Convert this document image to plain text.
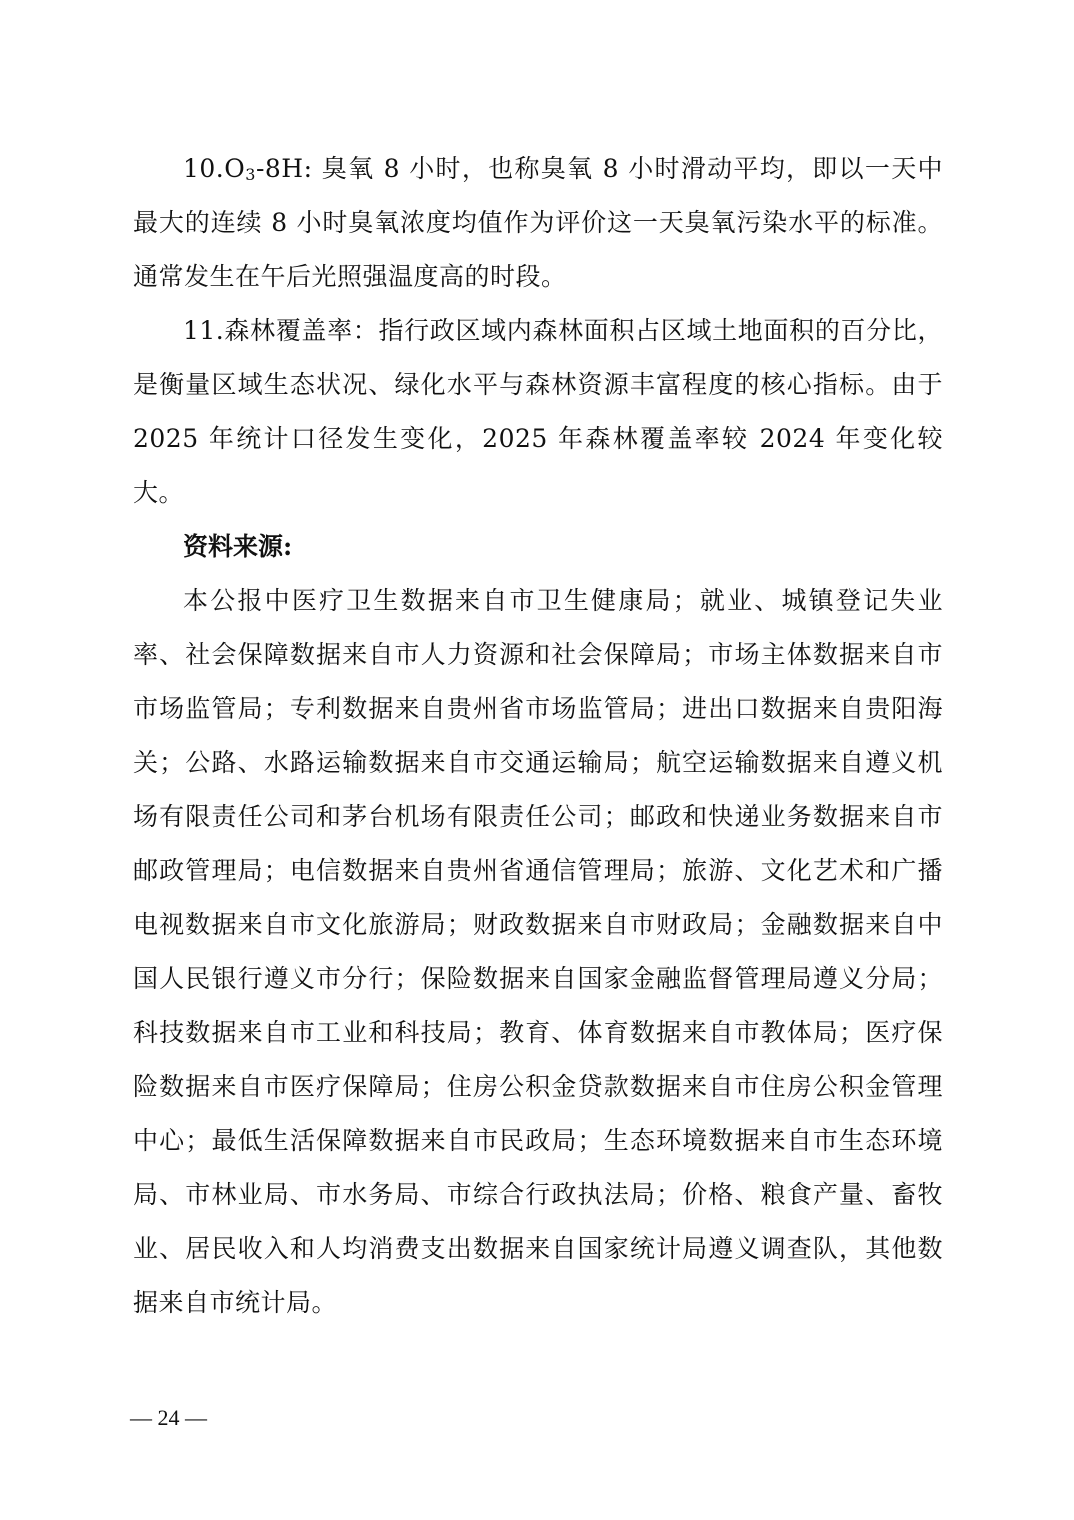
10.O3-8H: 臭氧 8 小时，也称臭氧 8 小时滑动平均，即以一天中最大的连续 8 小时臭氧浓度均值作为评价这一天臭氧污染水平的标准。通常发生在午后光照强温度高的时段。

11.森林覆盖率：指行政区域内森林面积占区域土地面积的百分比，是衡量区域生态状况、绿化水平与森林资源丰富程度的核心指标。由于 2025 年统计口径发生变化，2025 年森林覆盖率较 2024 年变化较大。

资料来源:

本公报中医疗卫生数据来自市卫生健康局；就业、城镇登记失业率、社会保障数据来自市人力资源和社会保障局；市场主体数据来自市市场监管局；专利数据来自贵州省市场监管局；进出口数据来自贵阳海关；公路、水路运输数据来自市交通运输局；航空运输数据来自遵义机场有限责任公司和茅台机场有限责任公司；邮政和快递业务数据来自市邮政管理局；电信数据来自贵州省通信管理局；旅游、文化艺术和广播电视数据来自市文化旅游局；财政数据来自市财政局；金融数据来自中国人民银行遵义市分行；保险数据来自国家金融监督管理局遵义分局；科技数据来自市工业和科技局；教育、体育数据来自市教体局；医疗保险数据来自市医疗保障局；住房公积金贷款数据来自市住房公积金管理中心；最低生活保障数据来自市民政局；生态环境数据来自市生态环境局、市林业局、市水务局、市综合行政执法局；价格、粮食产量、畜牧业、居民收入和人均消费支出数据来自国家统计局遵义调查队，其他数据来自市统计局。

— 24 —
